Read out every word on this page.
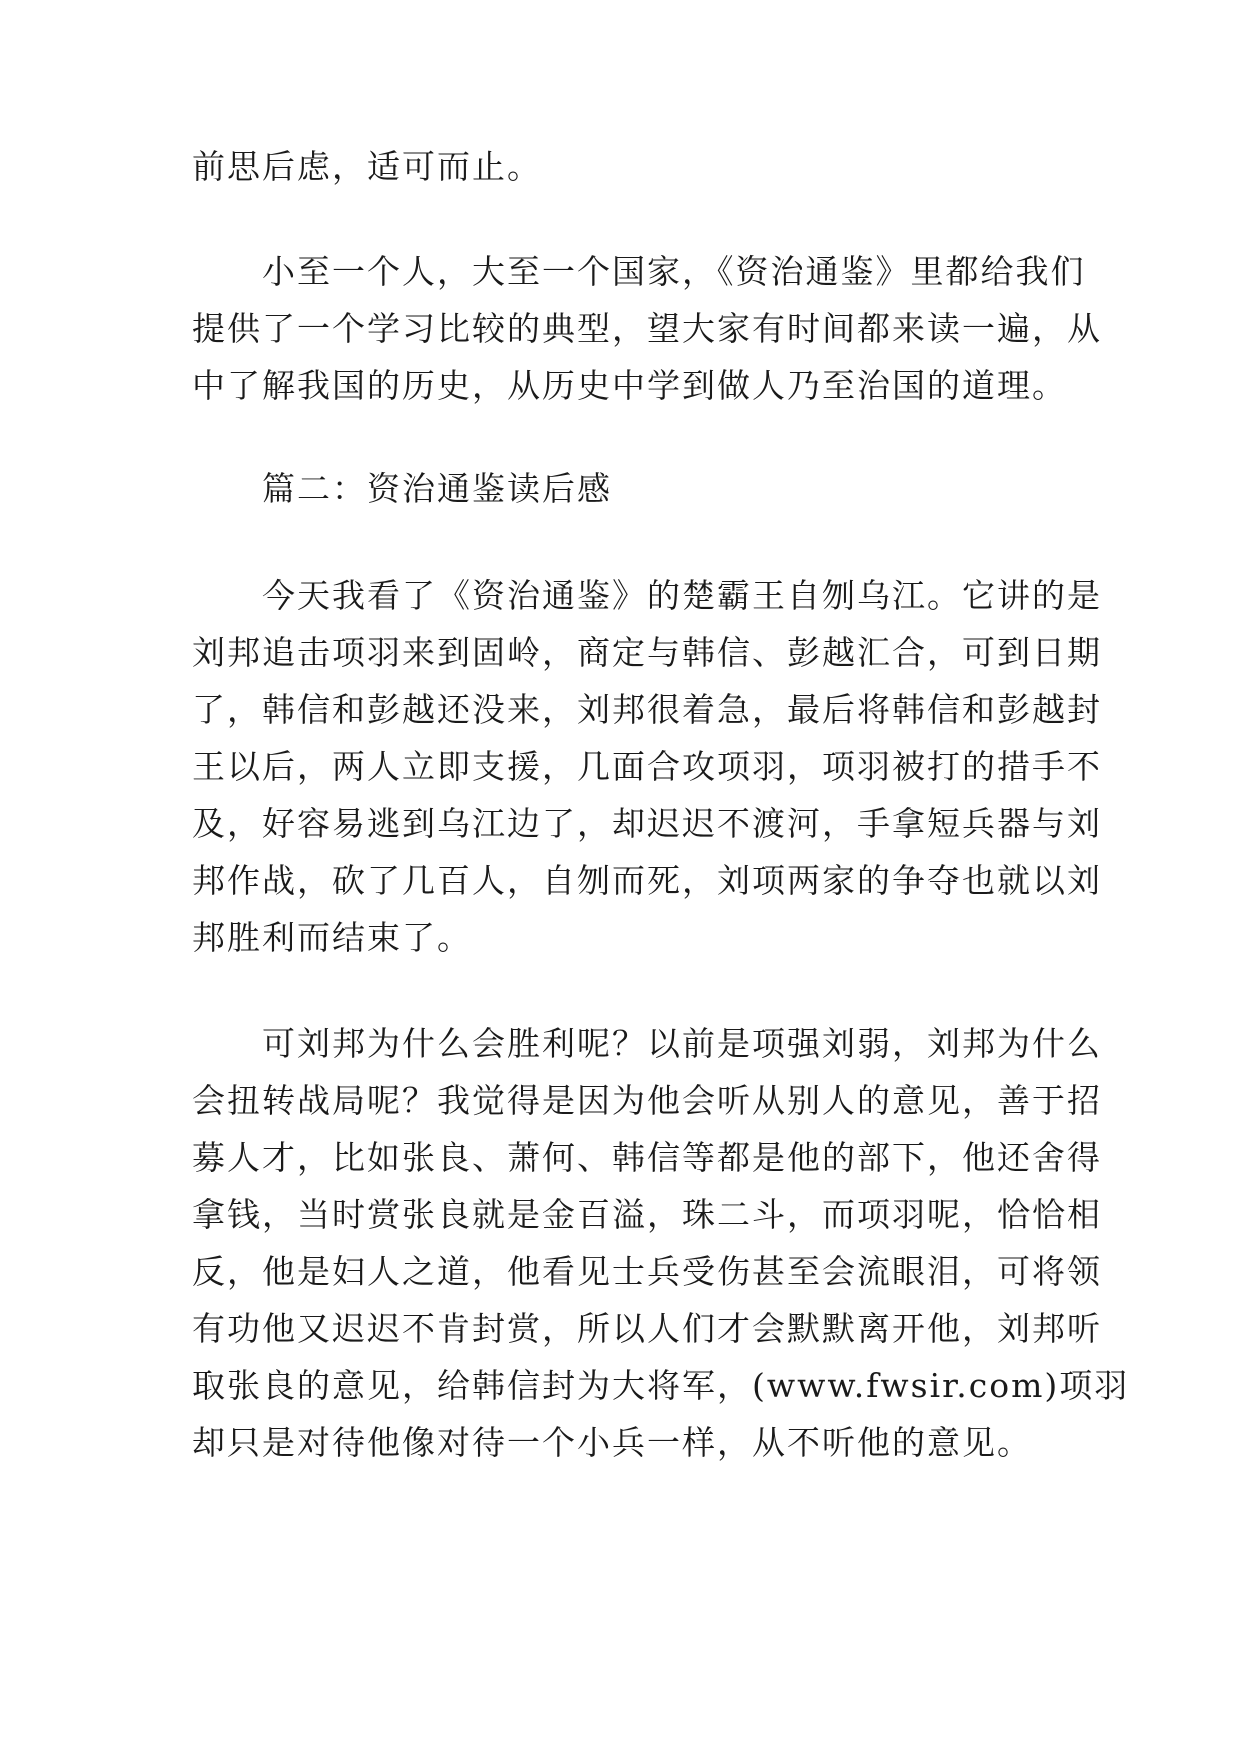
前思后虑，适可而止。
　　小至一个人，大至一个国家，《资治通鉴》里都给我们
提供了一个学习比较的典型，望大家有时间都来读一遍，从
中了解我国的历史，从历史中学到做人乃至治国的道理。
　　篇二：资治通鉴读后感
　　今天我看了《资治通鉴》的楚霸王自刎乌江。它讲的是
刘邦追击项羽来到固岭，商定与韩信、彭越汇合，可到日期
了，韩信和彭越还没来，刘邦很着急，最后将韩信和彭越封
王以后，两人立即支援，几面合攻项羽，项羽被打的措手不
及，好容易逃到乌江边了，却迟迟不渡河，手拿短兵器与刘
邦作战，砍了几百人，自刎而死，刘项两家的争夺也就以刘
邦胜利而结束了。
　　可刘邦为什么会胜利呢？以前是项强刘弱，刘邦为什么
会扭转战局呢？我觉得是因为他会听从别人的意见，善于招
募人才，比如张良、萧何、韩信等都是他的部下，他还舍得
拿钱，当时赏张良就是金百溢，珠二斗，而项羽呢，恰恰相
反，他是妇人之道，他看见士兵受伤甚至会流眼泪，可将领
有功他又迟迟不肯封赏，所以人们才会默默离开他，刘邦听
取张良的意见，给韩信封为大将军，(www.fwsir.com)项羽
却只是对待他像对待一个小兵一样，从不听他的意见。
